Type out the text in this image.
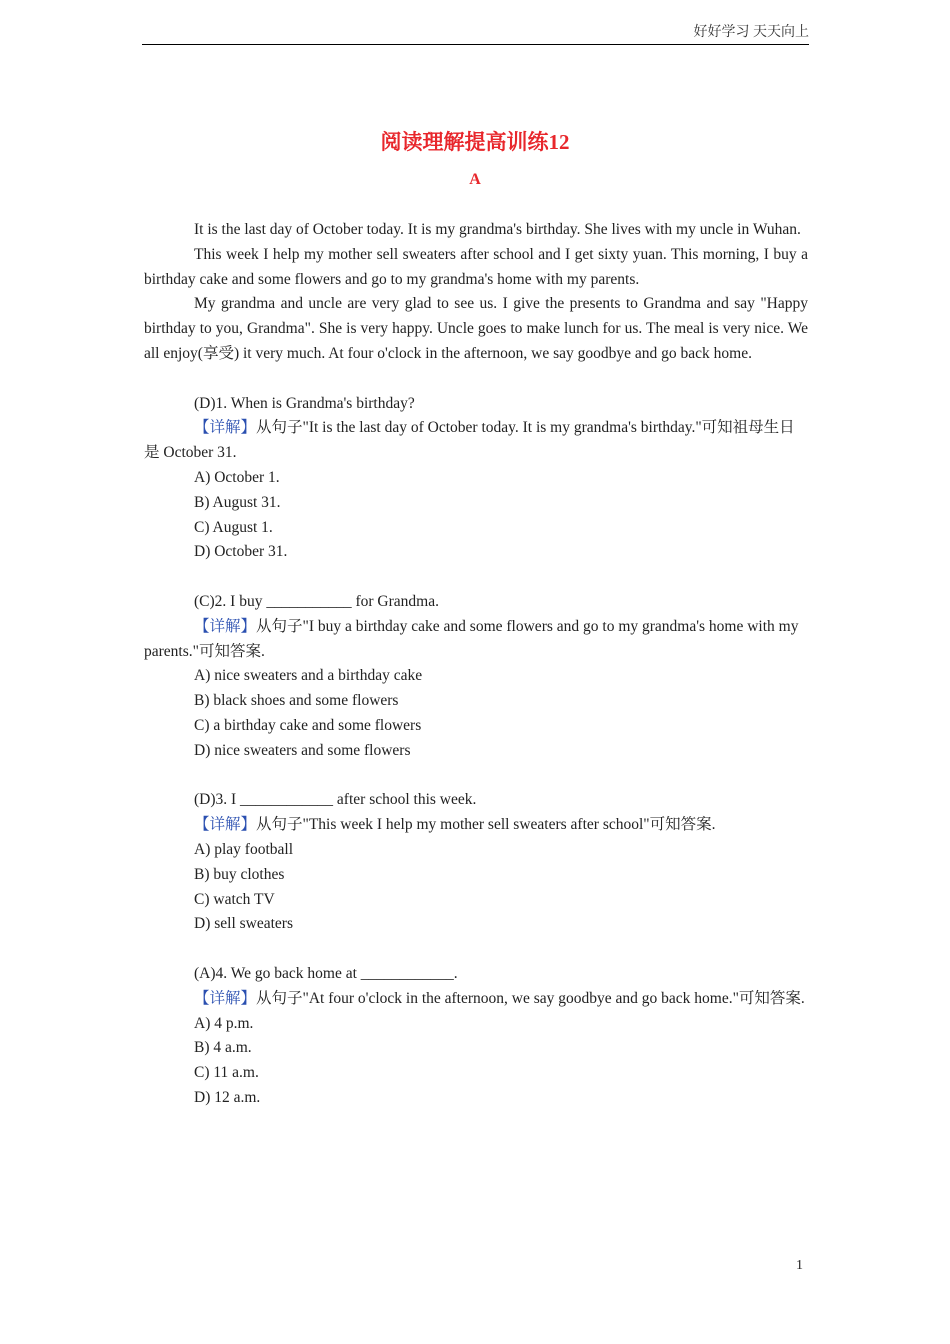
好好学习 天天向上
阅读理解提高训练12
A

It is the last day of October today. It is my grandma's birthday. She lives with my uncle in Wuhan.

This week I help my mother sell sweaters after school and I get sixty yuan. This morning, I buy a birthday cake and some flowers and go to my grandma's home with my parents.

My grandma and uncle are very glad to see us. I give the presents to Grandma and say "Happy birthday to you, Grandma". She is very happy. Uncle goes to make lunch for us. The meal is very nice. We all enjoy(享受) it very much. At four o'clock in the afternoon, we say goodbye and go back home.

(D)1. When is Grandma's birthday?

【详解】从句子"It is the last day of October today. It is my grandma's birthday."可知祖母生日是 October 31.

A) October 1.

B) August 31.

C) August 1.

D) October 31.

(C)2. I buy ___________ for Grandma.

【详解】从句子"I buy a birthday cake and some flowers and go to my grandma's home with my parents."可知答案.

A) nice sweaters and a birthday cake

B) black shoes and some flowers

C) a birthday cake and some flowers

D) nice sweaters and some flowers

(D)3. I ____________ after school this week.

【详解】从句子"This week I help my mother sell sweaters after school"可知答案.

A) play football

B) buy clothes

C) watch TV

D) sell sweaters

(A)4. We go back home at ____________.

【详解】从句子"At four o'clock in the afternoon, we say goodbye and go back home."可知答案.

A) 4 p.m.

B) 4 a.m.

C) 11 a.m.

D) 12 a.m.

1
